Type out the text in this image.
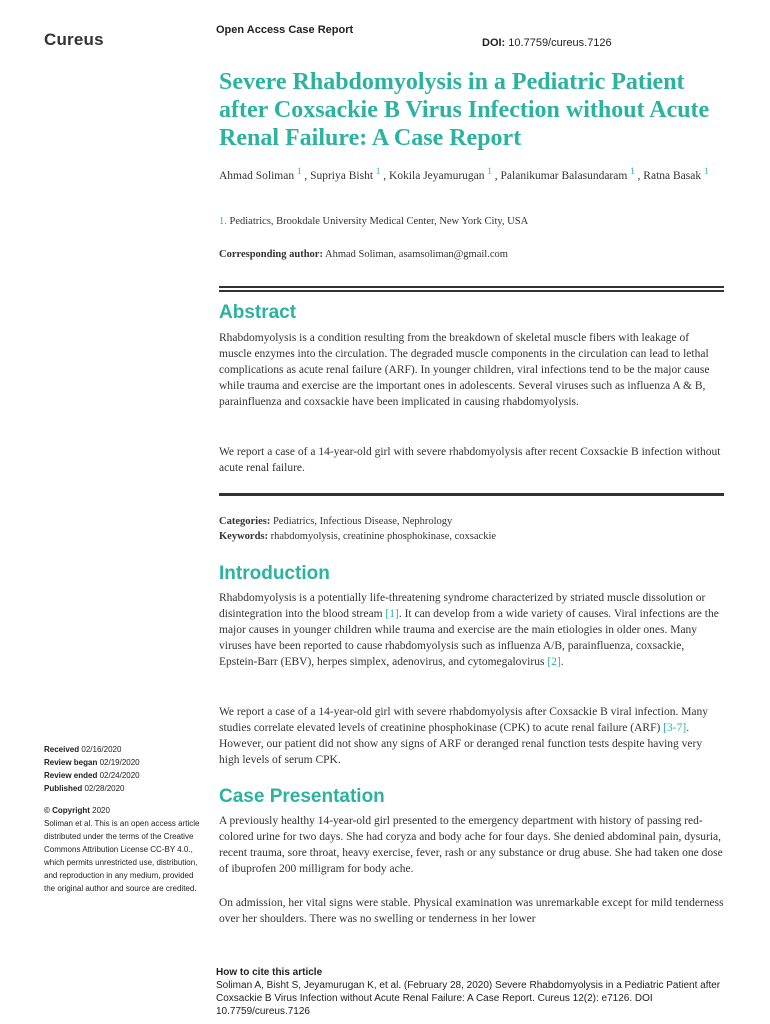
Cureus	Open Access Case Report
DOI: 10.7759/cureus.7126
Severe Rhabdomyolysis in a Pediatric Patient after Coxsackie B Virus Infection without Acute Renal Failure: A Case Report
Ahmad Soliman $^1$ , Supriya Bisht $^1$ , Kokila Jeyamurugan $^1$ , Palanikumar Balasundaram $^1$ , Ratna Basak $^1$
1. Pediatrics, Brookdale University Medical Center, New York City, USA
Corresponding author: Ahmad Soliman, asamsoliman@gmail.com
Abstract
Rhabdomyolysis is a condition resulting from the breakdown of skeletal muscle fibers with leakage of muscle enzymes into the circulation. The degraded muscle components in the circulation can lead to lethal complications as acute renal failure (ARF). In younger children, viral infections tend to be the major cause while trauma and exercise are the important ones in adolescents. Several viruses such as influenza A & B, parainfluenza and coxsackie have been implicated in causing rhabdomyolysis.
We report a case of a 14-year-old girl with severe rhabdomyolysis after recent Coxsackie B infection without acute renal failure.
Categories: Pediatrics, Infectious Disease, Nephrology
Keywords: rhabdomyolysis, creatinine phosphokinase, coxsackie
Introduction
Rhabdomyolysis is a potentially life-threatening syndrome characterized by striated muscle dissolution or disintegration into the blood stream [1]. It can develop from a wide variety of causes. Viral infections are the major causes in younger children while trauma and exercise are the main etiologies in older ones. Many viruses have been reported to cause rhabdomyolysis such as influenza A/B, parainfluenza, coxsackie, Epstein-Barr (EBV), herpes simplex, adenovirus, and cytomegalovirus [2].
We report a case of a 14-year-old girl with severe rhabdomyolysis after Coxsackie B viral infection. Many studies correlate elevated levels of creatinine phosphokinase (CPK) to acute renal failure (ARF) [3-7]. However, our patient did not show any signs of ARF or deranged renal function tests despite having very high levels of serum CPK.
Case Presentation
A previously healthy 14-year-old girl presented to the emergency department with history of passing red-colored urine for two days. She had coryza and body ache for four days. She denied abdominal pain, dysuria, recent trauma, sore throat, heavy exercise, fever, rash or any substance or drug abuse. She had taken one dose of ibuprofen 200 milligram for body ache.
On admission, her vital signs were stable. Physical examination was unremarkable except for mild tenderness over her shoulders. There was no swelling or tenderness in her lower
Received 02/16/2020
Review began 02/19/2020
Review ended 02/24/2020
Published 02/28/2020
© Copyright 2020
Soliman et al. This is an open access article distributed under the terms of the Creative Commons Attribution License CC-BY 4.0., which permits unrestricted use, distribution, and reproduction in any medium, provided the original author and source are credited.
How to cite this article
Soliman A, Bisht S, Jeyamurugan K, et al. (February 28, 2020) Severe Rhabdomyolysis in a Pediatric Patient after Coxsackie B Virus Infection without Acute Renal Failure: A Case Report. Cureus 12(2): e7126. DOI 10.7759/cureus.7126
